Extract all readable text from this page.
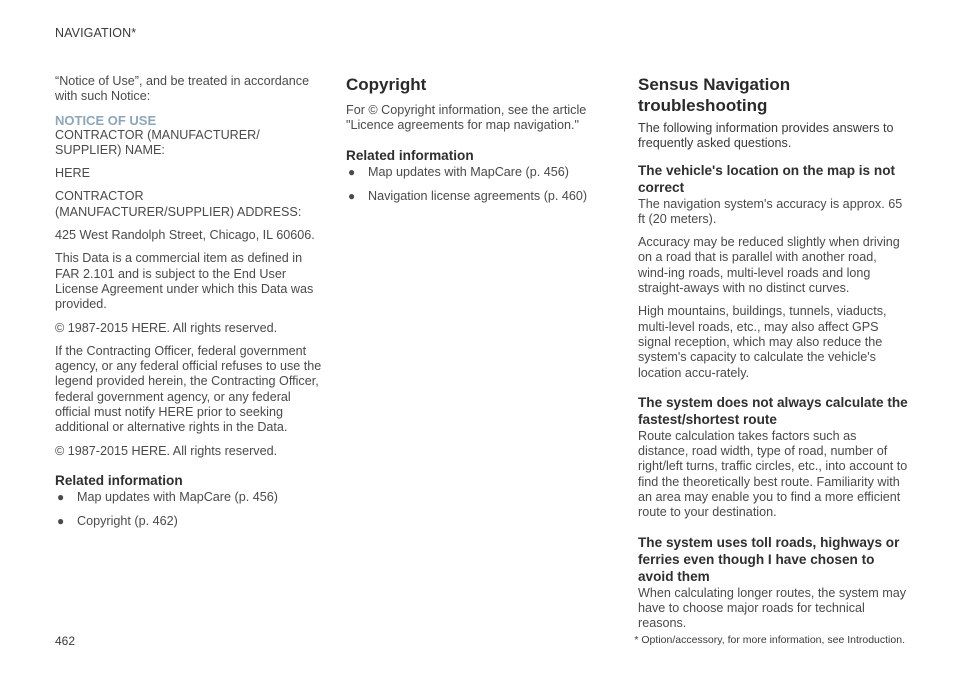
NAVIGATION*

“Notice of Use”, and be treated in accordance with such Notice:

NOTICE OF USE

CONTRACTOR (MANUFACTURER/ SUPPLIER) NAME:

HERE

CONTRACTOR (MANUFACTURER/SUPPLIER) ADDRESS:

425 West Randolph Street, Chicago, IL 60606.

This Data is a commercial item as defined in FAR 2.101 and is subject to the End User License Agreement under which this Data was provided.

© 1987-2015 HERE. All rights reserved.

If the Contracting Officer, federal government agency, or any federal official refuses to use the legend provided herein, the Contracting Officer, federal government agency, or any federal official must notify HERE prior to seeking additional or alternative rights in the Data.

© 1987-2015 HERE. All rights reserved.

Related information
● Map updates with MapCare (p. 456)
● Copyright (p. 462)
Copyright

For © Copyright information, see the article "Licence agreements for map navigation."

Related information
● Map updates with MapCare (p. 456)
● Navigation license agreements (p. 460)
Sensus Navigation troubleshooting

The following information provides answers to frequently asked questions.

The vehicle's location on the map is not correct

The navigation system's accuracy is approx. 65 ft (20 meters).

Accuracy may be reduced slightly when driving on a road that is parallel with another road, wind-ing roads, multi-level roads and long straight-aways with no distinct curves.

High mountains, buildings, tunnels, viaducts, multi-level roads, etc., may also affect GPS signal reception, which may also reduce the system's capacity to calculate the vehicle's location accu-rately.

The system does not always calculate the fastest/shortest route

Route calculation takes factors such as distance, road width, type of road, number of right/left turns, traffic circles, etc., into account to find the theoretically best route. Familiarity with an area may enable you to find a more efficient route to your destination.

The system uses toll roads, highways or ferries even though I have chosen to avoid them

When calculating longer routes, the system may have to choose major roads for technical reasons.

462	* Option/accessory, for more information, see Introduction.
